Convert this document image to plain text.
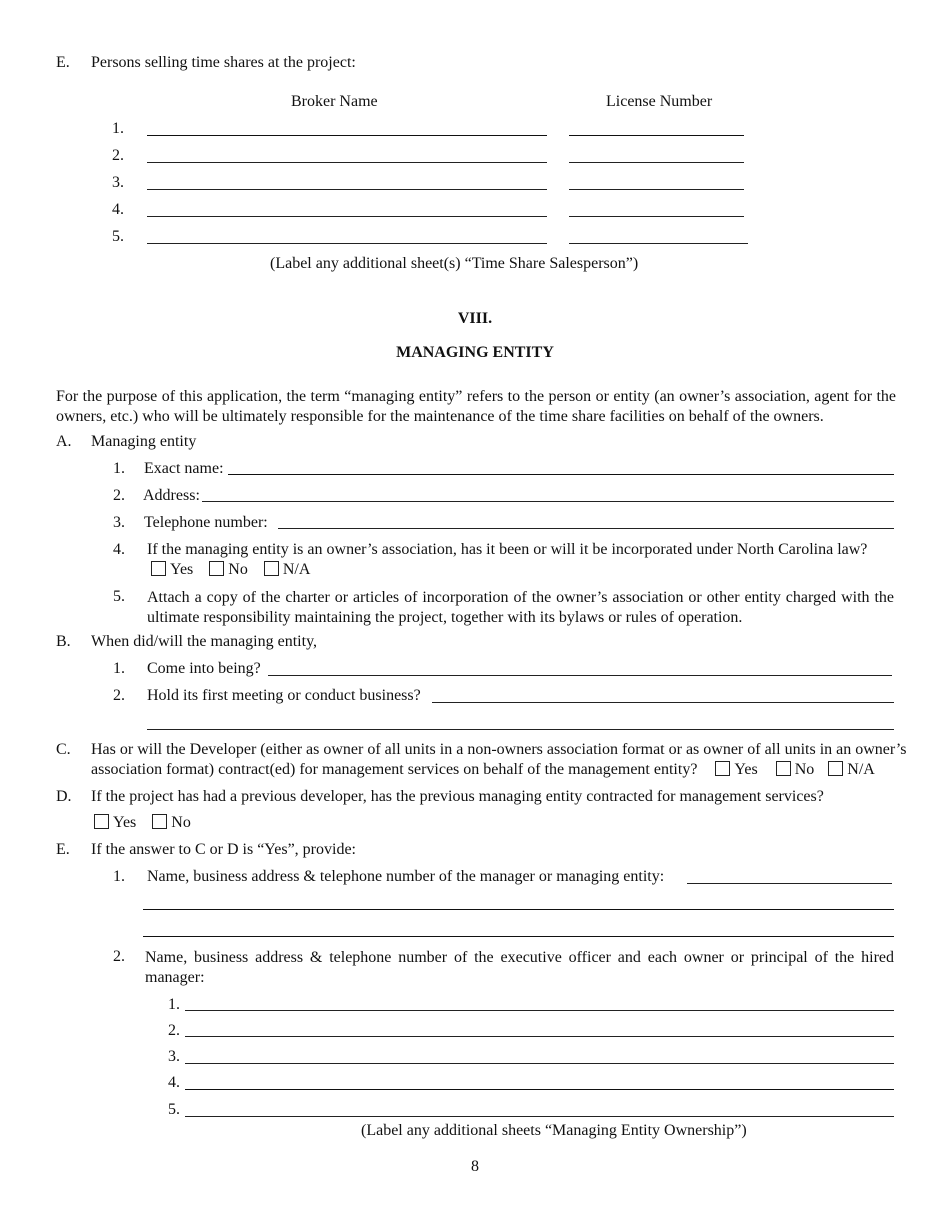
E. Persons selling time shares at the project:
Broker Name	License Number
1.
2.
3.
4.
5.
(Label any additional sheet(s) “Time Share Salesperson”)
VIII.
MANAGING ENTITY
For the purpose of this application, the term “managing entity” refers to the person or entity (an owner’s association, agent for the owners, etc.) who will be ultimately responsible for the maintenance of the time share facilities on behalf of the owners.
A. Managing entity
1. Exact name:
2. Address:
3. Telephone number:
4. If the managing entity is an owner’s association, has it been or will it be incorporated under North Carolina law?
Yes No N/A
5. Attach a copy of the charter or articles of incorporation of the owner’s association or other entity charged with the ultimate responsibility maintaining the project, together with its bylaws or rules of operation.
B. When did/will the managing entity,
1. Come into being?
2. Hold its first meeting or conduct business?
C. Has or will the Developer (either as owner of all units in a non-owners association format or as owner of all units in an owner’s
association format) contract(ed) for management services on behalf of the management entity? Yes No N/A
D. If the project has had a previous developer, has the previous managing entity contracted for management services?
Yes No
E. If the answer to C or D is “Yes”, provide:
1. Name, business address & telephone number of the manager or managing entity:
2. Name, business address & telephone number of the executive officer and each owner or principal of the hired manager:
1.
2.
3.
4.
5.
(Label any additional sheets “Managing Entity Ownership”)
8
